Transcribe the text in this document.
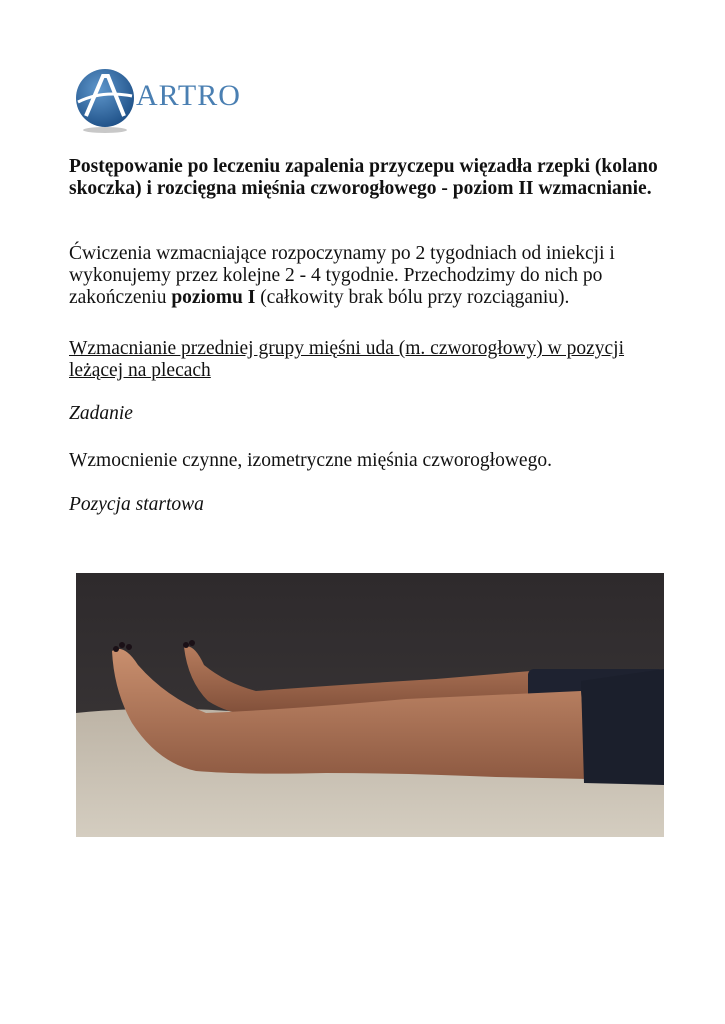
ARTRO

Postępowanie po leczeniu zapalenia przyczepu więzadła rzepki (kolano skoczka) i rozcięgna mięśnia czworogłowego - poziom II wzmacnianie.

Ćwiczenia wzmacniające rozpoczynamy po 2 tygodniach od iniekcji i wykonujemy przez kolejne 2 - 4 tygodnie. Przechodzimy do nich po zakończeniu poziomu I (całkowity brak bólu przy rozciąganiu).

Wzmacnianie przedniej grupy mięśni uda (m. czworogłowy) w pozycji leżącej na plecach

Zadanie

Wzmocnienie czynne, izometryczne mięśnia czworogłowego.

Pozycja startowa
